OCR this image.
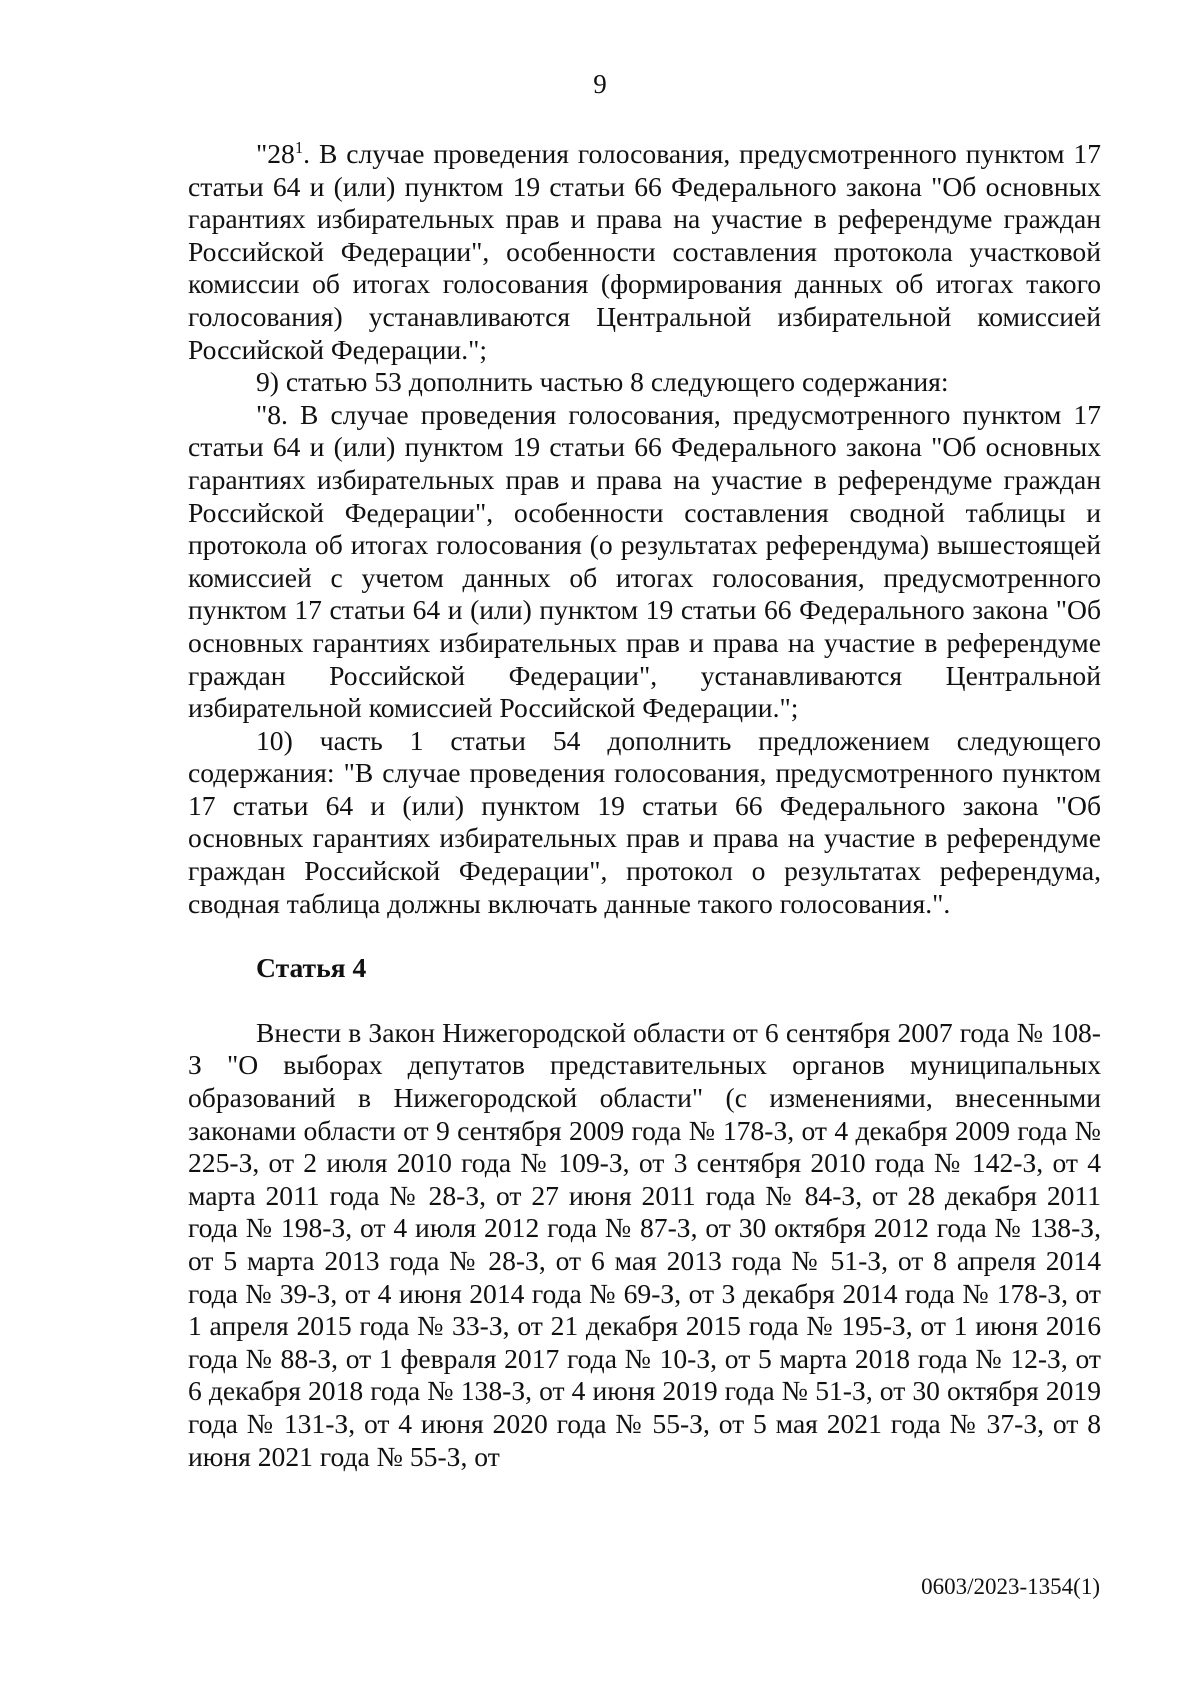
9

"$28^1$. В случае проведения голосования, предусмотренного пунктом 17 статьи 64 и (или) пунктом 19 статьи 66 Федерального закона "Об основных гарантиях избирательных прав и права на участие в референдуме граждан Российской Федерации", особенности составления протокола участковой комиссии об итогах голосования (формирования данных об итогах такого голосования) устанавливаются Центральной избирательной комиссией Российской Федерации.";

9) статью 53 дополнить частью 8 следующего содержания:

"8. В случае проведения голосования, предусмотренного пунктом 17 статьи 64 и (или) пунктом 19 статьи 66 Федерального закона "Об основных гарантиях избирательных прав и права на участие в референдуме граждан Российской Федерации", особенности составления сводной таблицы и протокола об итогах голосования (о результатах референдума) вышестоящей комиссией с учетом данных об итогах голосования, предусмотренного пунктом 17 статьи 64 и (или) пунктом 19 статьи 66 Федерального закона "Об основных гарантиях избирательных прав и права на участие в референдуме граждан Российской Федерации", устанавливаются Центральной избирательной комиссией Российской Федерации.";

10) часть 1 статьи 54 дополнить предложением следующего содержания: "В случае проведения голосования, предусмотренного пунктом 17 статьи 64 и (или) пунктом 19 статьи 66 Федерального закона "Об основных гарантиях избирательных прав и права на участие в референдуме граждан Российской Федерации", протокол о результатах референдума, сводная таблица должны включать данные такого голосования.".

Статья 4

Внести в Закон Нижегородской области от 6 сентября 2007 года № 108-З "О выборах депутатов представительных органов муниципальных образований в Нижегородской области" (с изменениями, внесенными законами области от 9 сентября 2009 года № 178-З, от 4 декабря 2009 года № 225-З, от 2 июля 2010 года № 109-З, от 3 сентября 2010 года № 142-З, от 4 марта 2011 года № 28-З, от 27 июня 2011 года № 84-З, от 28 декабря 2011 года № 198-З, от 4 июля 2012 года № 87-З, от 30 октября 2012 года № 138-З, от 5 марта 2013 года № 28-З, от 6 мая 2013 года № 51-З, от 8 апреля 2014 года № 39-З, от 4 июня 2014 года № 69-З, от 3 декабря 2014 года № 178-З, от 1 апреля 2015 года № 33-З, от 21 декабря 2015 года № 195-З, от 1 июня 2016 года № 88-З, от 1 февраля 2017 года № 10-З, от 5 марта 2018 года № 12-З, от 6 декабря 2018 года № 138-З, от 4 июня 2019 года № 51-З, от 30 октября 2019 года № 131-З, от 4 июня 2020 года № 55-З, от 5 мая 2021 года № 37-З, от 8 июня 2021 года № 55-З, от

0603/2023-1354(1)
